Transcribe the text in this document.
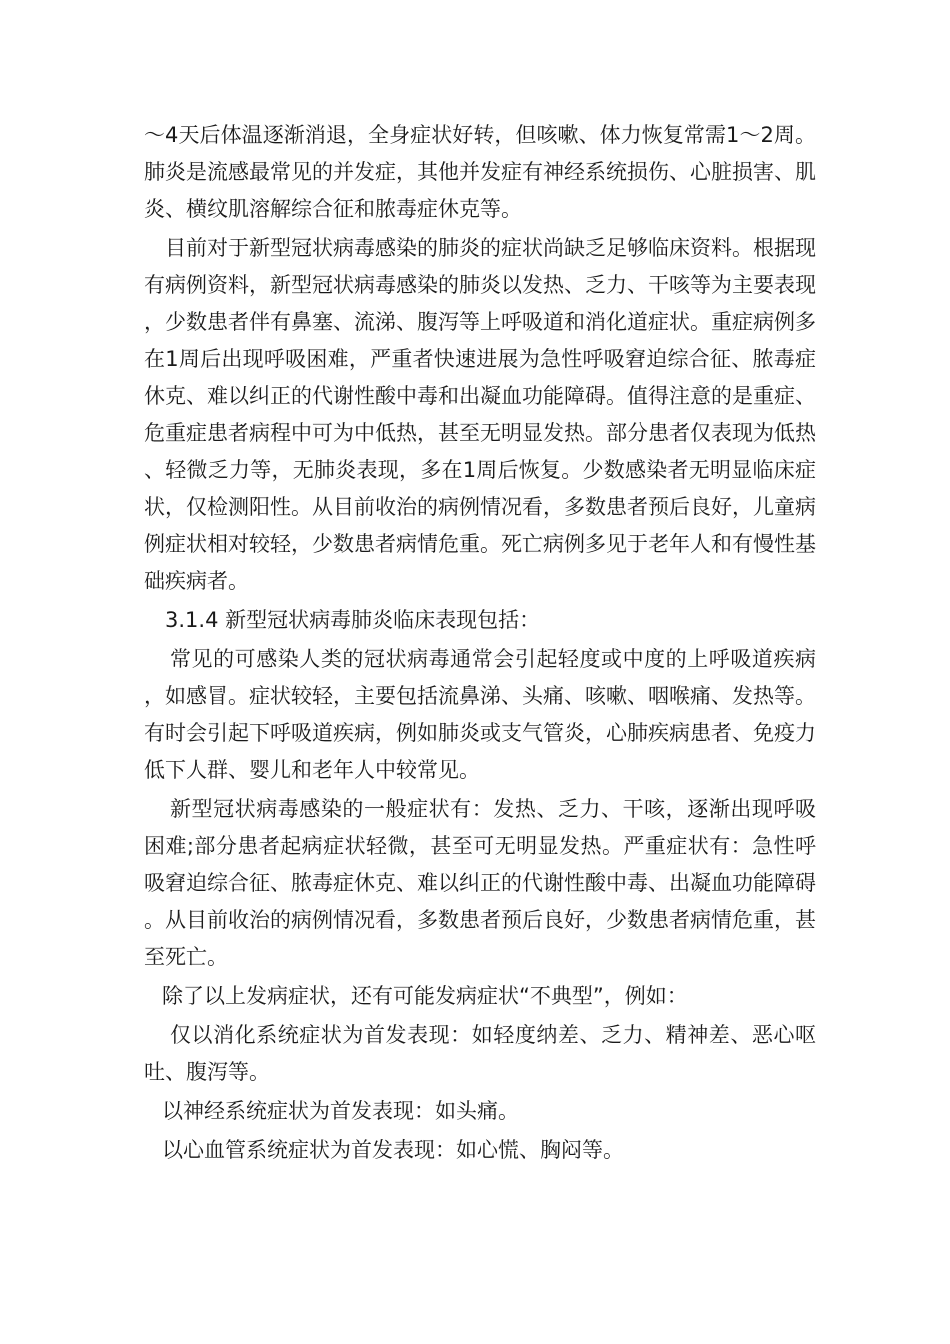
～4天后体温逐渐消退，全身症状好转，但咳嗽、体力恢复常需1～2周。肺炎是流感最常见的并发症，其他并发症有神经系统损伤、心脏损害、肌炎、横纹肌溶解综合征和脓毒症休克等。

目前对于新型冠状病毒感染的肺炎的症状尚缺乏足够临床资料。根据现有病例资料，新型冠状病毒感染的肺炎以发热、乏力、干咳等为主要表现，少数患者伴有鼻塞、流涕、腹泻等上呼吸道和消化道症状。重症病例多在1周后出现呼吸困难，严重者快速进展为急性呼吸窘迫综合征、脓毒症休克、难以纠正的代谢性酸中毒和出凝血功能障碍。值得注意的是重症、危重症患者病程中可为中低热，甚至无明显发热。部分患者仅表现为低热、轻微乏力等，无肺炎表现，多在1周后恢复。少数感染者无明显临床症状，仅检测阳性。从目前收治的病例情况看，多数患者预后良好，儿童病例症状相对较轻，少数患者病情危重。死亡病例多见于老年人和有慢性基础疾病者。

3.1.4 新型冠状病毒肺炎临床表现包括：

常见的可感染人类的冠状病毒通常会引起轻度或中度的上呼吸道疾病，如感冒。症状较轻，主要包括流鼻涕、头痛、咳嗽、咽喉痛、发热等。有时会引起下呼吸道疾病，例如肺炎或支气管炎，心肺疾病患者、免疫力低下人群、婴儿和老年人中较常见。

新型冠状病毒感染的一般症状有：发热、乏力、干咳，逐渐出现呼吸困难;部分患者起病症状轻微，甚至可无明显发热。严重症状有：急性呼吸窘迫综合征、脓毒症休克、难以纠正的代谢性酸中毒、出凝血功能障碍。从目前收治的病例情况看，多数患者预后良好，少数患者病情危重，甚至死亡。

除了以上发病症状，还有可能发病症状“不典型”，例如：

仅以消化系统症状为首发表现：如轻度纳差、乏力、精神差、恶心呕吐、腹泻等。

以神经系统症状为首发表现：如头痛。

以心血管系统症状为首发表现：如心慌、胸闷等。
